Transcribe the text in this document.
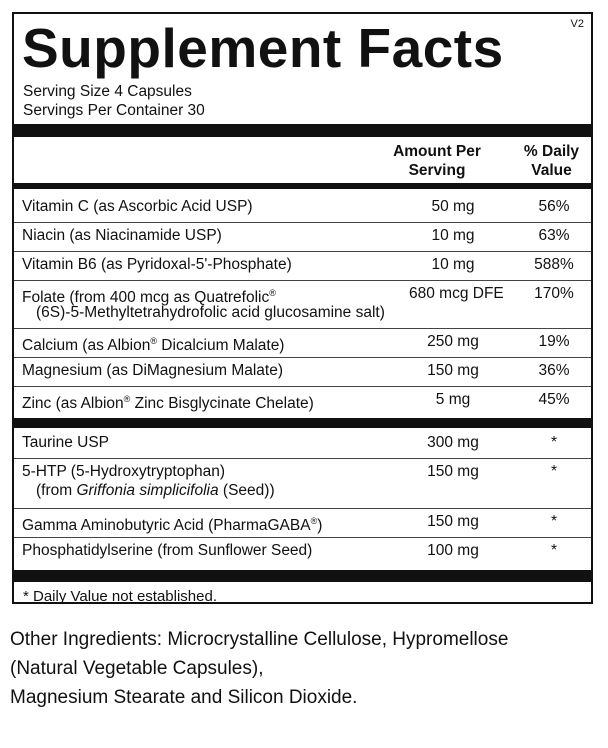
V2
Supplement Facts
Serving Size 4 Capsules
Servings Per Container 30
Amount Per
Serving
% Daily
Value
Vitamin C (as Ascorbic Acid USP)	50 mg	56%
Niacin (as Niacinamide USP)	10 mg	63%
Vitamin B6 (as Pyridoxal-5'-Phosphate)	10 mg	588%
Folate (from 400 mcg as Quatrefolic®
(6S)-5-Methyltetrahydrofolic acid glucosamine salt)
680 mcg DFE	170%
Calcium (as Albion® Dicalcium Malate)	250 mg	19%
Magnesium (as DiMagnesium Malate)	150 mg	36%
Zinc (as Albion® Zinc Bisglycinate Chelate)	5 mg	45%
Taurine USP	300 mg	*
5-HTP (5-Hydroxytryptophan)
(from Griffonia simplicifolia (Seed))
150 mg	*
Gamma Aminobutyric Acid (PharmaGABA®)	150 mg	*
Phosphatidylserine (from Sunflower Seed)	100 mg	*
* Daily Value not established.
Other Ingredients: Microcrystalline Cellulose, Hypromellose
(Natural Vegetable Capsules),
Magnesium Stearate and Silicon Dioxide.
